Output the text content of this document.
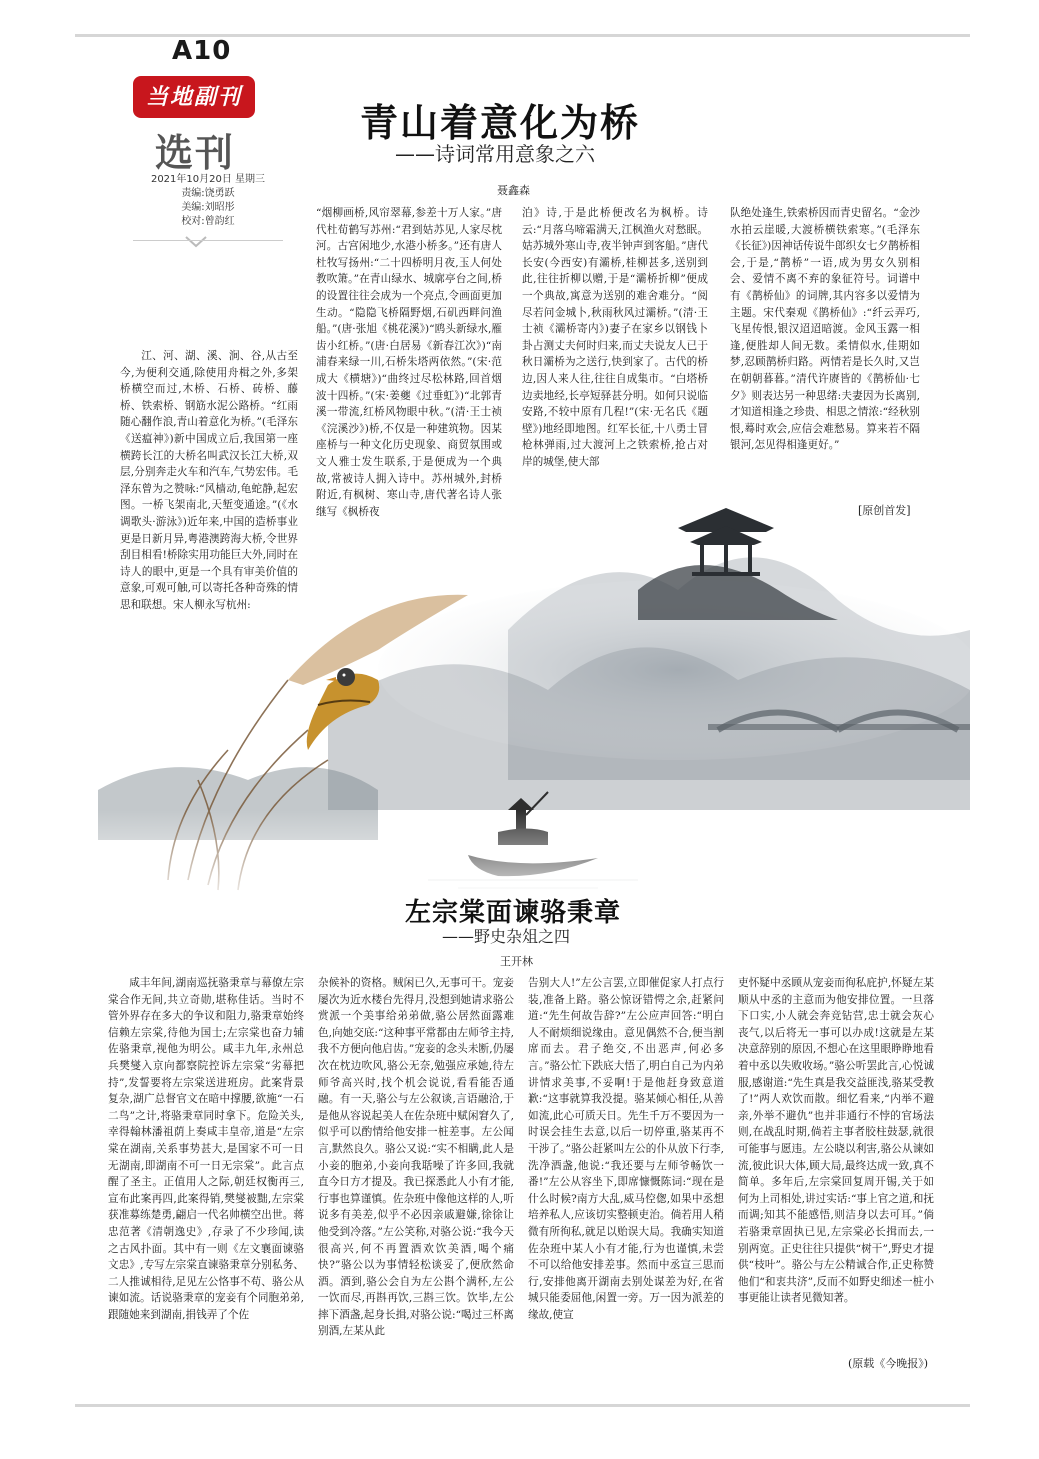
A10
当地副刊
选刊
2021年10月20日 星期三
责编:饶勇跃
美编:刘昭彤
校对:曾韵红
青山着意化为桥
——诗词常用意象之六
聂鑫森

江、河、湖、溪、涧、谷,从古至今,为便利交通,除使用舟楫之外,多架桥横空而过,木桥、石桥、砖桥、藤桥、铁索桥、钢筋水泥公路桥。“红雨随心翻作浪,青山着意化为桥。”(毛泽东《送瘟神》)新中国成立后,我国第一座横跨长江的大桥名叫武汉长江大桥,双层,分别奔走火车和汽车,气势宏伟。毛泽东曾为之赞咏:“风樯动,龟蛇静,起宏图。一桥飞架南北,天堑变通途。”(《水调歌头·游泳》)近年来,中国的造桥事业更是日新月异,粤港澳跨海大桥,令世界刮目相看!桥除实用功能巨大外,同时在诗人的眼中,更是一个具有审美价值的意象,可观可触,可以寄托各种奇殊的情思和联想。宋人柳永写杭州:

“烟柳画桥,风帘翠幕,参差十万人家。”唐代杜荀鹤写苏州:“君到姑苏见,人家尽枕河。古宫闲地少,水港小桥多。”还有唐人杜牧写扬州:“二十四桥明月夜,玉人何处教吹箫。”在青山绿水、城廓亭台之间,桥的设置往往会成为一个亮点,令画面更加生动。“隐隐飞桥隔野烟,石矶西畔问渔船。”(唐·张旭《桃花溪》)“鸥头新绿水,雁齿小红桥。”(唐·白居易《新春江次》)“南浦春来绿一川,石桥朱塔两依然。”(宋·范成大《横塘》)“曲终过尽松林路,回首烟波十四桥。”(宋·姜夔《过垂虹》)“北郭青溪一带流,红桥风物眼中秋。”(清·王士祯《浣溪沙》)桥,不仅是一种建筑物。因某座桥与一种文化历史现象、商贸氛围或文人雅士发生联系,于是便成为一个典故,常被诗人拥入诗中。苏州城外,封桥附近,有枫树、寒山寺,唐代著名诗人张继写《枫桥夜

泊》诗,于是此桥便改名为枫桥。诗云:“月落乌啼霜满天,江枫渔火对愁眠。姑苏城外寒山寺,夜半钟声到客船。”唐代长安(今西安)有灞桥,桂柳甚多,送别到此,往往折柳以赠,于是“灞桥折柳”便成一个典故,寓意为送别的难舍难分。“阅尽若问金城卜,秋雨秋风过灞桥。”(清·王士祯《灞桥寄内》)妻子在家乡以钢钱卜卦占测丈夫何时归来,而丈夫说友人已于秋日灞桥为之送行,快到家了。古代的桥边,因人来人往,往往自成集市。“白塔桥边卖地经,长亭短驿甚分明。如何只说临安路,不较中原有几程!”(宋·无名氏《题壁》)地经即地图。红军长征,十八勇士冒枪林弹雨,过大渡河上之铁索桥,抢占对岸的城堡,使大部

队绝处逢生,铁索桥因而青史留名。“金沙水拍云崖暖,大渡桥横铁索寒。”(毛泽东《长征》)因神话传说牛郎织女七夕鹊桥相会,于是,“鹊桥”一语,成为男女久别相会、爱情不离不弃的象征符号。词谱中有《鹊桥仙》的词牌,其内容多以爱情为主题。宋代秦观《鹊桥仙》:“纤云弄巧,飞星传恨,银汉迢迢暗渡。金风玉露一相逢,便胜却人间无数。柔情似水,佳期如梦,忍顾鹊桥归路。两情若是长久时,又岂在朝朝暮暮。”清代许赓皆的《鹊桥仙·七夕》则表达另一种思绪:夫妻因为长离别,才知道相逢之珍贵、相思之情浓:“经秋别恨,蓦时欢会,应信会难愁易。算来若不隔银河,怎见得相逢更好。”

[原创首发]
左宗棠面谏骆秉章
——野史杂俎之四
王开林

咸丰年间,湖南巡抚骆秉章与幕僚左宗棠合作无间,共立奇勋,堪称佳话。当时不管外界存在多大的争议和阻力,骆秉章始终信赖左宗棠,待他为国士;左宗棠也奋力辅佐骆秉章,视他为明公。咸丰九年,永州总兵樊燮入京向都察院控诉左宗棠“劣幕把持”,发誓要将左宗棠送进班房。此案背景复杂,湖广总督官文在暗中撑腰,欲施“一石二鸟”之计,将骆秉章同时拿下。危险关头,幸得翰林潘祖荫上奏咸丰皇帝,道是“左宗棠在湖南,关系事势甚大,是国家不可一日无湖南,即湖南不可一日无宗棠”。此言点醒了圣主。正值用人之际,朝廷权衡再三,宣布此案再四,此案得销,樊燮被黜,左宗棠获准募练楚勇,翩启一代名帅横空出世。蒋忠范著《清朝逸史》,存录了不少珍闻,读之古风扑面。其中有一则《左文襄面谏骆文忠》,专写左宗棠直谏骆秉章分别私务、二人推诚相待,足见左公恪事不苟、骆公从谏如流。话说骆秉章的宠妾有个同胞弟弟,跟随她来到湖南,捐钱弄了个佐

杂候补的资格。贼闲已久,无事可干。宠妾屡次为近水楼台先得月,没想到她请求骆公赏派一个美事给弟弟做,骆公居然面露难色,向她交底:“这种事平常都由左师爷主持,我不方便向他启齿。”宠妾的念头未断,仍屡次在枕边吹风,骆公无奈,勉强应承她,待左师爷高兴时,找个机会说说,看看能否通融。有一天,骆公与左公叙谈,言语融洽,于是他从容说起美人在佐杂班中赋闲窘久了,似乎可以酌情给他安排一桩差事。左公闻言,默然良久。骆公又说:“实不相瞒,此人是小妾的胞弟,小妾向我聒噪了许多回,我就直今日方才提及。我已探悉此人小有才能,行事也算谨慎。佐杂班中像他这样的人,听说多有美差,似乎不必因亲戚避嫌,徐徐让他受到冷落。”左公笑称,对骆公说:“我今天很高兴,何不再置酒欢饮美酒,喝个痛快?”骆公以为事情轻松谈妥了,便欣然命酒。酒到,骆公会自为左公斟个满杯,左公一饮而尽,再斟再饮,三斟三饮。饮毕,左公摔下酒盏,起身长揖,对骆公说:“喝过三杯离别酒,左某从此

告别大人!”左公言罢,立即催促家人打点行装,准备上路。骆公惊讶错愕之余,赶紧问道:“先生何故告辞?”左公应声回答:“明白人不耐烦细说缘由。意见偶然不合,便当割席而去。君子绝交,不出恶声,何必多言。”骆公忙下跌底大悟了,明白自己为内弟讲情求美事,不妥啊!于是他赶身致意道歉:“这事就算我没提。骆某倾心相任,从善如流,此心可质天日。先生千万不要因为一时误会挂生去意,以后一切停重,骆某再不干涉了。”骆公赶紧叫左公的仆从放下行李,洗净酒盏,他说:“我还要与左师爷畅饮一番!”左公从容坐下,即席慷慨陈词:“现在是什么时候?南方大乱,威马倥偬,如果中丞想培养私人,应该切实整顿吏治。倘若用人稍微有所徇私,就足以贻误大局。我确实知道佐杂班中某人小有才能,行为也谨慎,未尝不可以给他安排差事。然而中丞宣三思而行,安排他离开湖南去别处谋差为好,在省城只能委屈他,闲置一旁。万一因为派差的缘故,使宣

吏怀疑中丞顾从宠妾而徇私庇护,怀疑左某顺从中丞的主意而为他安排位置。一旦落下口实,小人就会奔竞钻营,忠士就会灰心丧气,以后将无一事可以办成!这就是左某决意辞别的原因,不想心在这里眼睁睁地看着中丞以失败收场。”骆公听罢此言,心悦诚服,感谢道:“先生真是我交益匪浅,骆某受教了!”两人欢饮而散。细忆看来,“内举不避亲,外举不避仇”也并非通行不悖的官场法则,在战乱时期,倘若主事者胶柱鼓瑟,就很可能事与愿违。左公晓以利害,骆公从谏如流,彼此识大体,顾大局,最终达成一致,真不简单。多年后,左宗棠回复周开锡,关于如何为上司相处,讲过实话:“事上官之道,和抚而调;知其不能感悟,则洁身以去可耳。”倘若骆秉章固执已见,左宗棠必长揖而去,一别两宽。正史往往只提供“树干”,野史才提供“枝叶”。骆公与左公精诚合作,正史称赞他们“和衷共济”,反而不如野史细述一桩小事更能让读者见微知著。

(原载《今晚报》)
